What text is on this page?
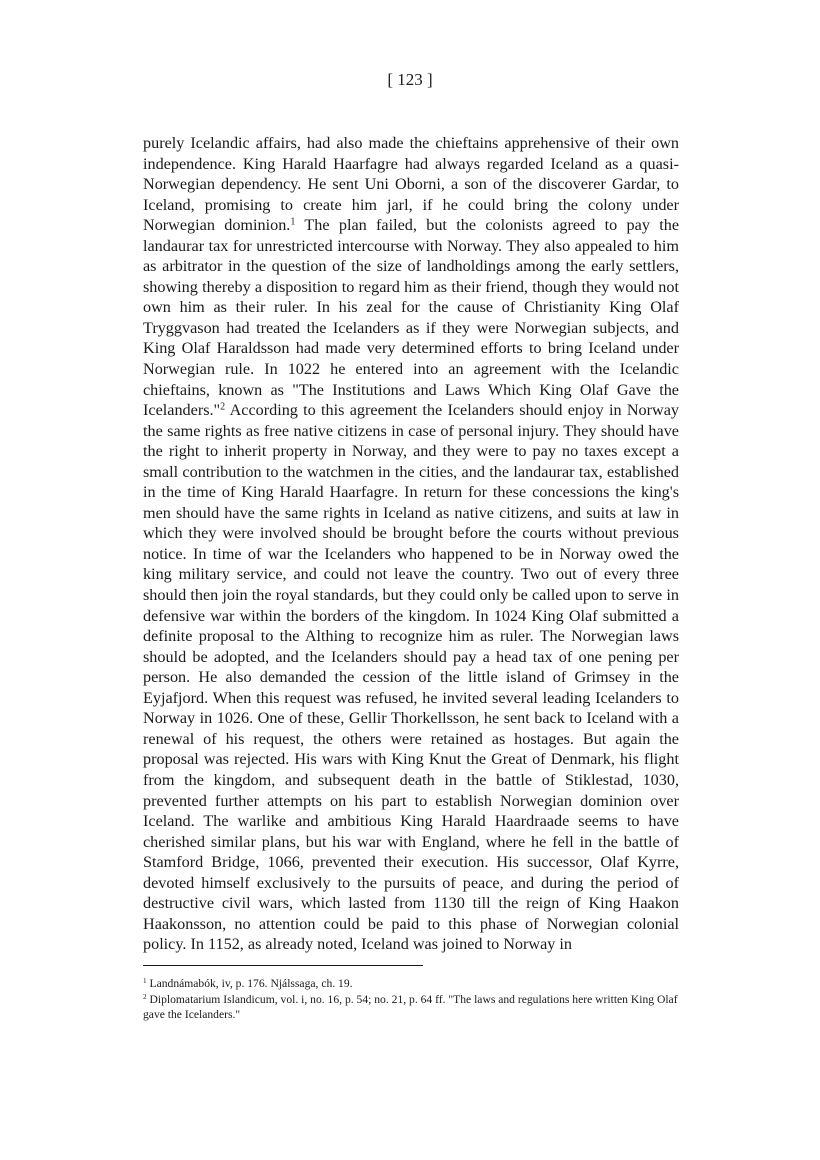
[ 123 ]

purely Icelandic affairs, had also made the chieftains apprehensive of their own independence. King Harald Haarfagre had always regarded Iceland as a quasi-Norwegian dependency. He sent Uni Oborni, a son of the discoverer Gardar, to Iceland, promising to create him jarl, if he could bring the colony under Norwegian dominion.$^1$ The plan failed, but the colonists agreed to pay the landaurar tax for unrestricted intercourse with Norway. They also appealed to him as arbitrator in the question of the size of landholdings among the early settlers, showing thereby a disposition to regard him as their friend, though they would not own him as their ruler. In his zeal for the cause of Christianity King Olaf Tryggvason had treated the Icelanders as if they were Norwegian subjects, and King Olaf Haraldsson had made very determined efforts to bring Iceland under Norwegian rule. In 1022 he entered into an agreement with the Icelandic chieftains, known as "The Institutions and Laws Which King Olaf Gave the Icelanders."$^2$ According to this agreement the Icelanders should enjoy in Norway the same rights as free native citizens in case of personal injury. They should have the right to inherit property in Norway, and they were to pay no taxes except a small contribution to the watchmen in the cities, and the landaurar tax, established in the time of King Harald Haarfagre. In return for these concessions the king's men should have the same rights in Iceland as native citizens, and suits at law in which they were involved should be brought before the courts without previous notice. In time of war the Icelanders who happened to be in Norway owed the king military service, and could not leave the country. Two out of every three should then join the royal standards, but they could only be called upon to serve in defensive war within the borders of the kingdom. In 1024 King Olaf submitted a definite proposal to the Althing to recognize him as ruler. The Norwegian laws should be adopted, and the Icelanders should pay a head tax of one pening per person. He also demanded the cession of the little island of Grimsey in the Eyjafjord. When this request was refused, he invited several leading Icelanders to Norway in 1026. One of these, Gellir Thorkellsson, he sent back to Iceland with a renewal of his request, the others were retained as hostages. But again the proposal was rejected. His wars with King Knut the Great of Denmark, his flight from the kingdom, and subsequent death in the battle of Stiklestad, 1030, prevented further attempts on his part to establish Norwegian dominion over Iceland. The warlike and ambitious King Harald Haardraade seems to have cherished similar plans, but his war with England, where he fell in the battle of Stamford Bridge, 1066, prevented their execution. His successor, Olaf Kyrre, devoted himself exclusively to the pursuits of peace, and during the period of destructive civil wars, which lasted from 1130 till the reign of King Haakon Haakonsson, no attention could be paid to this phase of Norwegian colonial policy. In 1152, as already noted, Iceland was joined to Norway in

$^1$ Landnámabók, iv, p. 176. Njálssaga, ch. 19.

$^2$ Diplomatarium Islandicum, vol. i, no. 16, p. 54; no. 21, p. 64 ff. "The laws and regulations here written King Olaf gave the Icelanders."
